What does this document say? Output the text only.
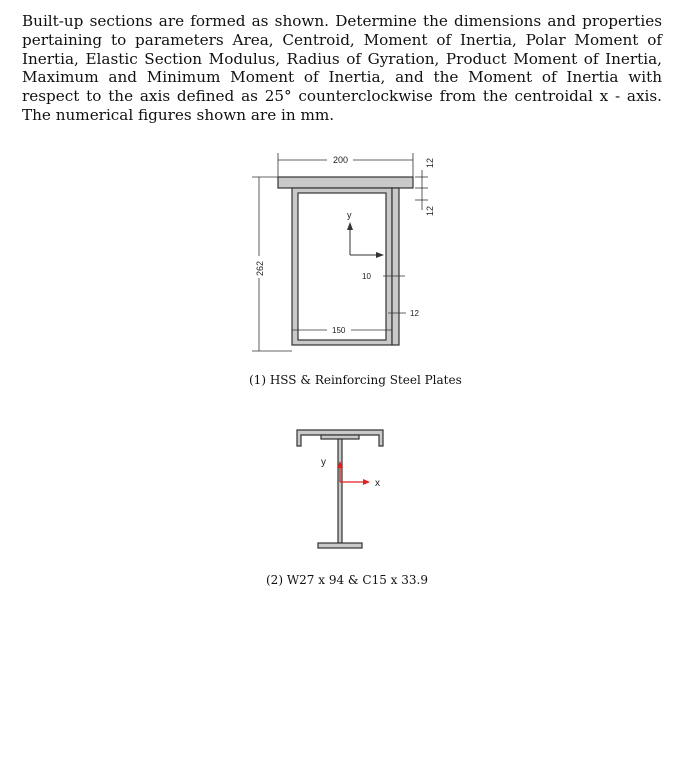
Built-up sections are formed as shown. Determine the dimensions and properties pertaining to parameters Area, Centroid, Moment of Inertia, Polar Moment of Inertia, Elastic Section Modulus, Radius of Gyration, Product Moment of Inertia, Maximum and Minimum Moment of Inertia, and the Moment of Inertia with respect to the axis defined as 25° counterclockwise from the centroidal x - axis. The numerical figures shown are in mm.

y
200	12
12
262
10
12
150

(1) HSS & Reinforcing Steel Plates

y
x

(2) W27 x 94 & C15 x 33.9
